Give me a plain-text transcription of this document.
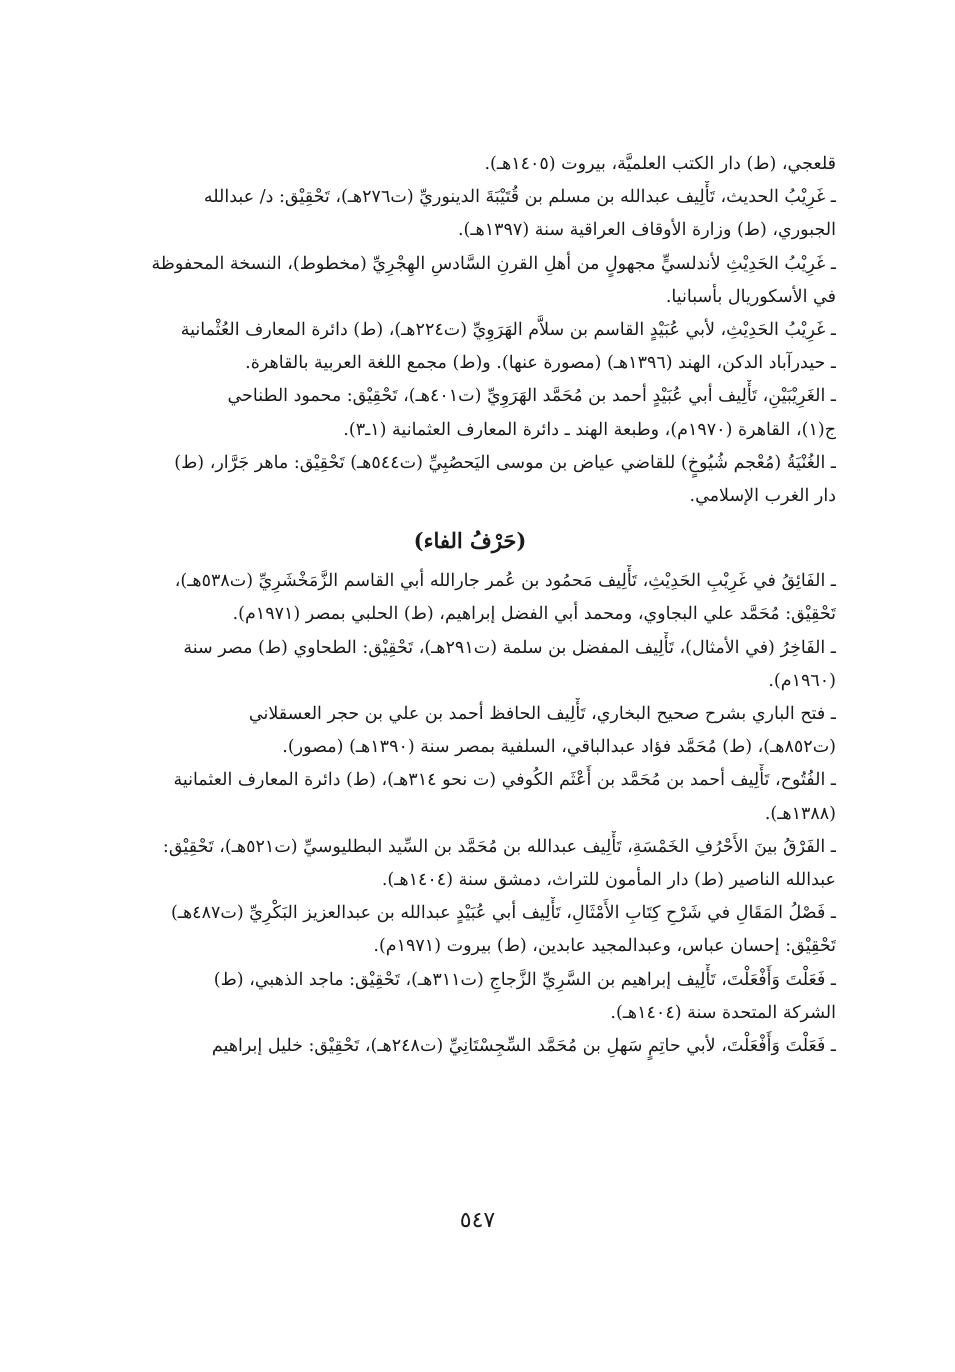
قلعجي، (ط) دار الكتب العلميَّة، بيروت (١٤٠٥هـ).
ـ غَرِيْبُ الحديث، تَأْلِيف عبدالله بن مسلم بن قُتَيْبَةَ الدينوريِّ (ت٢٧٦هـ)، تَحْقِيْق: د/ عبدالله
الجبوري، (ط) وزارة الأوقاف العراقية سنة (١٣٩٧هـ).
ـ غَرِيْبُ الحَدِيْثِ لأندلسيٍّ مجهولٍ من أهلِ القرنِ السَّادسِ الهِجْرِيِّ (مخطوط)، النسخة المحفوظة
في الأسكوريال بأسبانيا.
ـ غَرِيْبُ الحَدِيْثِ، لأبي عُبَيْدٍ القاسم بن سلاَّم الهَرَوِيِّ (ت٢٢٤هـ)، (ط) دائرة المعارف العُثْمانية
ـ حيدرآباد الدكن، الهند (١٣٩٦هـ) (مصورة عنها). و(ط) مجمع اللغة العربية بالقاهرة.
ـ الغَرِيْبَيْنِ، تَأْلِيف أبي عُبَيْدٍ أحمد بن مُحَمَّد الهَرَوِيِّ (ت٤٠١هـ)، تَحْقِيْق: محمود الطناحي
ج(١)، القاهرة (١٩٧٠م)، وطبعة الهند ـ دائرة المعارف العثمانية (١ـ٣).
ـ الغُنْيَةُ (مُعْجم شُيُوخٍ) للقاضي عياض بن موسى اليَحصُبِيِّ (ت٥٤٤هـ) تَحْقِيْق: ماهر جَرَّار، (ط)
دار الغرب الإسلامي.
(حَرْفُ الفاء)
ـ الفَائِقُ في غَرِيْبِ الحَدِيْثِ، تَأْلِيف مَحمُود بن عُمر جارالله أبي القاسم الزَّمَخْشَرِيِّ (ت٥٣٨هـ)،
تَحْقِيْق: مُحَمَّد علي البجاوي، ومحمد أبي الفضل إبراهيم، (ط) الحلبي بمصر (١٩٧١م).
ـ الفَاخِرُ (في الأمثال)، تَأْلِيف المفضل بن سلمة (ت٢٩١هـ)، تَحْقِيْق: الطحاوي (ط) مصر سنة
(١٩٦٠م).
ـ فتح الباري بشرح صحيح البخاري، تَأْلِيف الحافظ أحمد بن علي بن حجر العسقلاني
(ت٨٥٢هـ)، (ط) مُحَمَّد فؤاد عبدالباقي، السلفية بمصر سنة (١٣٩٠هـ) (مصور).
ـ الفُتُوح، تَأْلِيف أحمد بن مُحَمَّد بن أَعْثَم الكُوفي (ت نحو ٣١٤هـ)، (ط) دائرة المعارف العثمانية
(١٣٨٨هـ).
ـ الفَرْقُ بينَ الأَحْرُفِ الخَمْسَةِ، تَأْلِيف عبدالله بن مُحَمَّد بن السِّيد البطليوسيِّ (ت٥٢١هـ)، تَحْقِيْق:
عبدالله الناصير (ط) دار المأمون للتراث، دمشق سنة (١٤٠٤هـ).
ـ فَصْلُ المَقَالِ في شَرْحِ كِتَابِ الأَمْثَالِ، تَأْلِيف أبي عُبَيْدٍ عبدالله بن عبدالعزيز البَكْرِيِّ (ت٤٨٧هـ)
تَحْقِيْق: إحسان عباس، وعبدالمجيد عابدين، (ط) بيروت (١٩٧١م).
ـ فَعَلْتَ وَأَفْعَلْتَ، تَأْلِيف إبراهيم بن السَّرِيِّ الزَّجاجِ (ت٣١١هـ)، تَحْقِيْق: ماجد الذهبي، (ط)
الشركة المتحدة سنة (١٤٠٤هـ).
ـ فَعَلْتَ وَأَفْعَلْتَ، لأبي حاتِمٍ سَهلِ بن مُحَمَّد السِّجِسْتَانِيِّ (ت٢٤٨هـ)، تَحْقِيْق: خليل إبراهيم
٥٤٧
